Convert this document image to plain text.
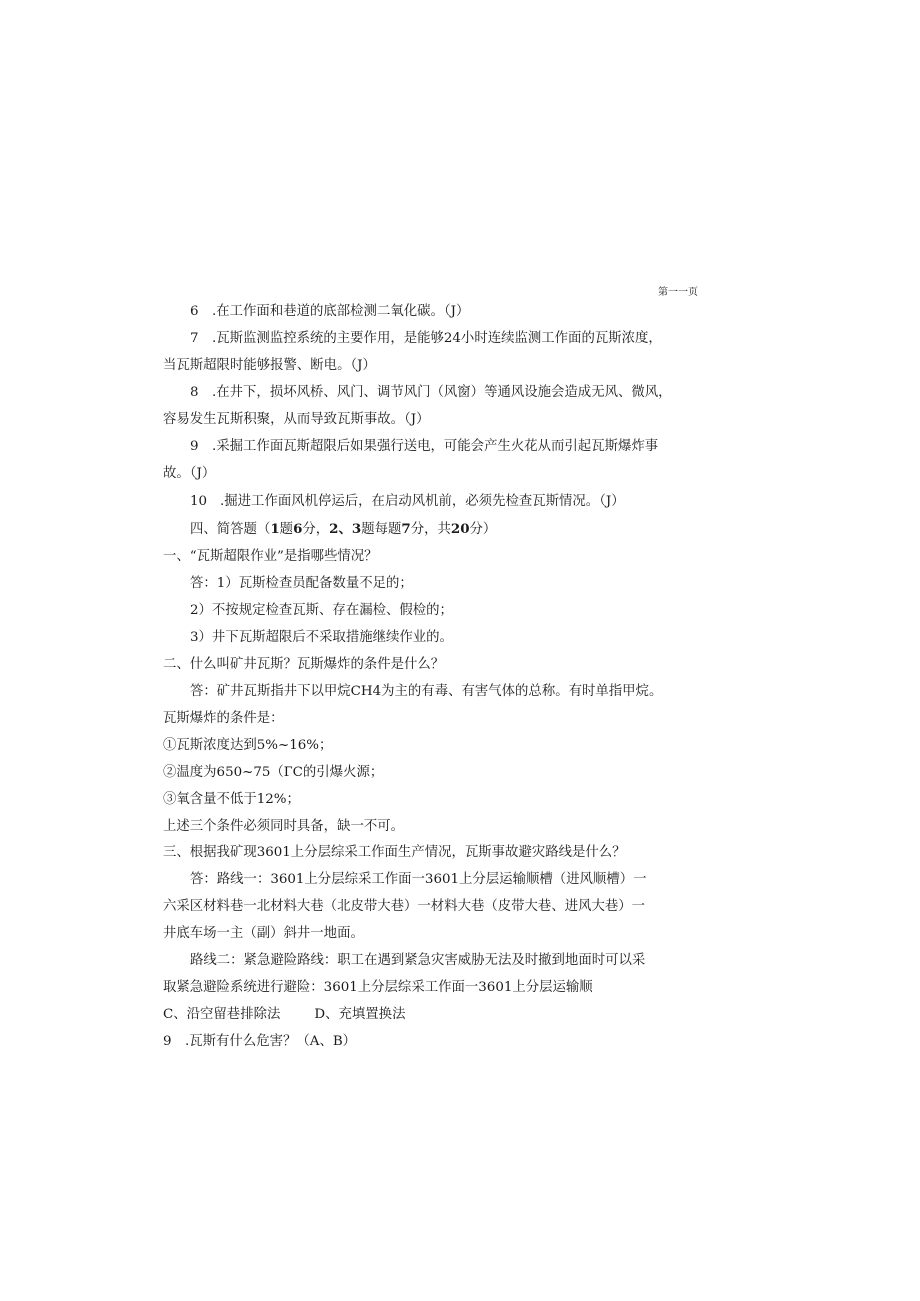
第一一页
6 .在工作面和巷道的底部检测二氧化碳。（J）
7 .瓦斯监测监控系统的主要作用，是能够24小时连续监测工作面的瓦斯浓度，
当瓦斯超限时能够报警、断电。（J）
8 .在井下，损坏风桥、风门、调节风门（风窗）等通风设施会造成无风、微风，
容易发生瓦斯积聚，从而导致瓦斯事故。（J）
9 .采掘工作面瓦斯超限后如果强行送电，可能会产生火花从而引起瓦斯爆炸事
故。（J）
10 .掘进工作面风机停运后，在启动风机前，必须先检查瓦斯情况。（J）
四、简答题（1题6分，2、3题每题7分，共20分）
一、“瓦斯超限作业”是指哪些情况？
答：1）瓦斯检查员配备数量不足的；
2）不按规定检查瓦斯、存在漏检、假检的；
3）井下瓦斯超限后不采取措施继续作业的。
二、什么叫矿井瓦斯？瓦斯爆炸的条件是什么？
答：矿井瓦斯指井下以甲烷CH4为主的有毒、有害气体的总称。有时单指甲烷。
瓦斯爆炸的条件是：
①瓦斯浓度达到5%~16%；
②温度为650~75（ГC的引爆火源；
③氧含量不低于12%；
上述三个条件必须同时具备，缺一不可。
三、根据我矿现3601上分层综采工作面生产情况，瓦斯事故避灾路线是什么？
答：路线一：3601上分层综采工作面一3601上分层运输顺槽（进风顺槽）一
六采区材料巷一北材料大巷（北皮带大巷）一材料大巷（皮带大巷、进风大巷）一
井底车场一主（副）斜井一地面。
路线二：紧急避险路线：职工在遇到紧急灾害威胁无法及时撤到地面时可以采
取紧急避险系统进行避险：3601上分层综采工作面一3601上分层运输顺
C、沿空留巷排除法	D、充填置换法
9 .瓦斯有什么危害？（A、B）
